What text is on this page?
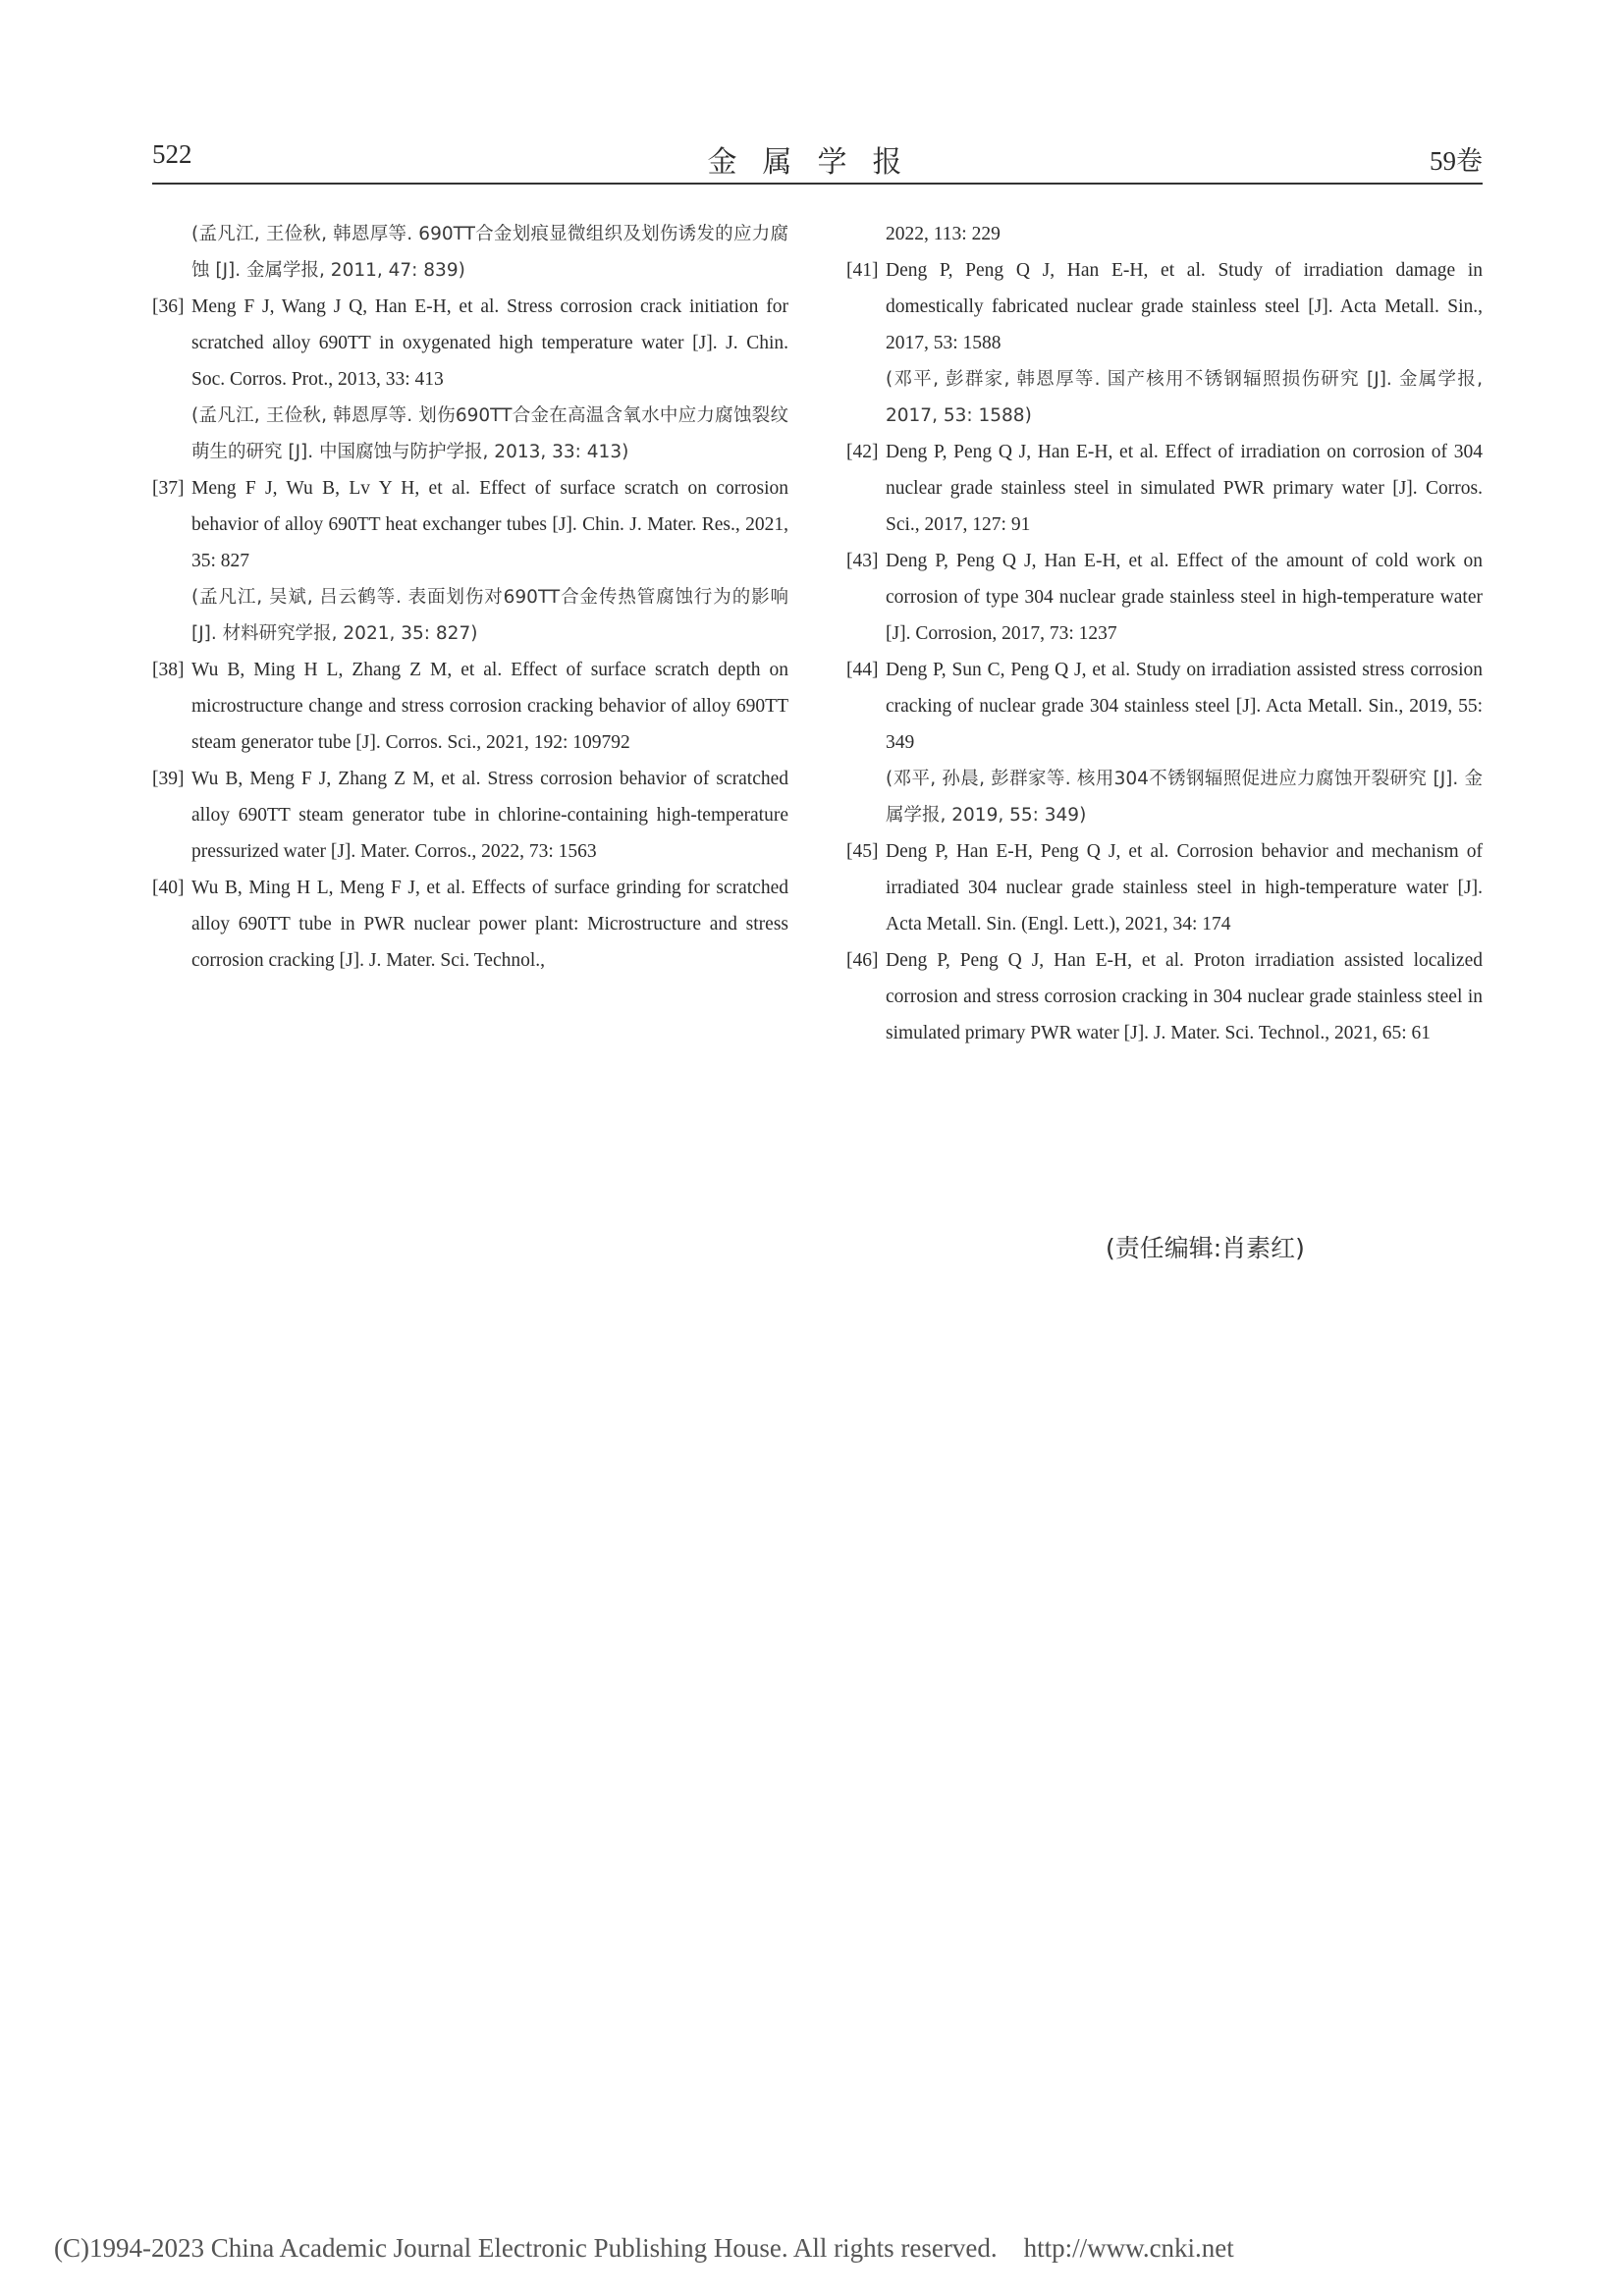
522	金属学报	59卷

(孟凡江, 王俭秋, 韩恩厚等. 690TT合金划痕显微组织及划伤诱发的应力腐蚀 [J]. 金属学报, 2011, 47: 839)

[36] Meng F J, Wang J Q, Han E-H, et al. Stress corrosion crack initiation for scratched alloy 690TT in oxygenated high temperature water [J]. J. Chin. Soc. Corros. Prot., 2013, 33: 413

(孟凡江, 王俭秋, 韩恩厚等. 划伤690TT合金在高温含氧水中应力腐蚀裂纹萌生的研究 [J]. 中国腐蚀与防护学报, 2013, 33: 413)

[37] Meng F J, Wu B, Lv Y H, et al. Effect of surface scratch on corrosion behavior of alloy 690TT heat exchanger tubes [J]. Chin. J. Mater. Res., 2021, 35: 827

(孟凡江, 吴斌, 吕云鹤等. 表面划伤对690TT合金传热管腐蚀行为的影响 [J]. 材料研究学报, 2021, 35: 827)

[38] Wu B, Ming H L, Zhang Z M, et al. Effect of surface scratch depth on microstructure change and stress corrosion cracking behavior of alloy 690TT steam generator tube [J]. Corros. Sci., 2021, 192: 109792

[39] Wu B, Meng F J, Zhang Z M, et al. Stress corrosion behavior of scratched alloy 690TT steam generator tube in chlorine-containing high-temperature pressurized water [J]. Mater. Corros., 2022, 73: 1563

[40] Wu B, Ming H L, Meng F J, et al. Effects of surface grinding for scratched alloy 690TT tube in PWR nuclear power plant: Microstructure and stress corrosion cracking [J]. J. Mater. Sci. Technol.,

2022, 113: 229

[41] Deng P, Peng Q J, Han E-H, et al. Study of irradiation damage in domestically fabricated nuclear grade stainless steel [J]. Acta Metall. Sin., 2017, 53: 1588

(邓平, 彭群家, 韩恩厚等. 国产核用不锈钢辐照损伤研究 [J]. 金属学报, 2017, 53: 1588)

[42] Deng P, Peng Q J, Han E-H, et al. Effect of irradiation on corrosion of 304 nuclear grade stainless steel in simulated PWR primary water [J]. Corros. Sci., 2017, 127: 91

[43] Deng P, Peng Q J, Han E-H, et al. Effect of the amount of cold work on corrosion of type 304 nuclear grade stainless steel in high-temperature water [J]. Corrosion, 2017, 73: 1237

[44] Deng P, Sun C, Peng Q J, et al. Study on irradiation assisted stress corrosion cracking of nuclear grade 304 stainless steel [J]. Acta Metall. Sin., 2019, 55: 349

(邓平, 孙晨, 彭群家等. 核用304不锈钢辐照促进应力腐蚀开裂研究 [J]. 金属学报, 2019, 55: 349)

[45] Deng P, Han E-H, Peng Q J, et al. Corrosion behavior and mechanism of irradiated 304 nuclear grade stainless steel in high-temperature water [J]. Acta Metall. Sin. (Engl. Lett.), 2021, 34: 174

[46] Deng P, Peng Q J, Han E-H, et al. Proton irradiation assisted localized corrosion and stress corrosion cracking in 304 nuclear grade stainless steel in simulated primary PWR water [J]. J. Mater. Sci. Technol., 2021, 65: 61

(责任编辑:肖素红)
(C)1994-2023 China Academic Journal Electronic Publishing House. All rights reserved.    http://www.cnki.net
